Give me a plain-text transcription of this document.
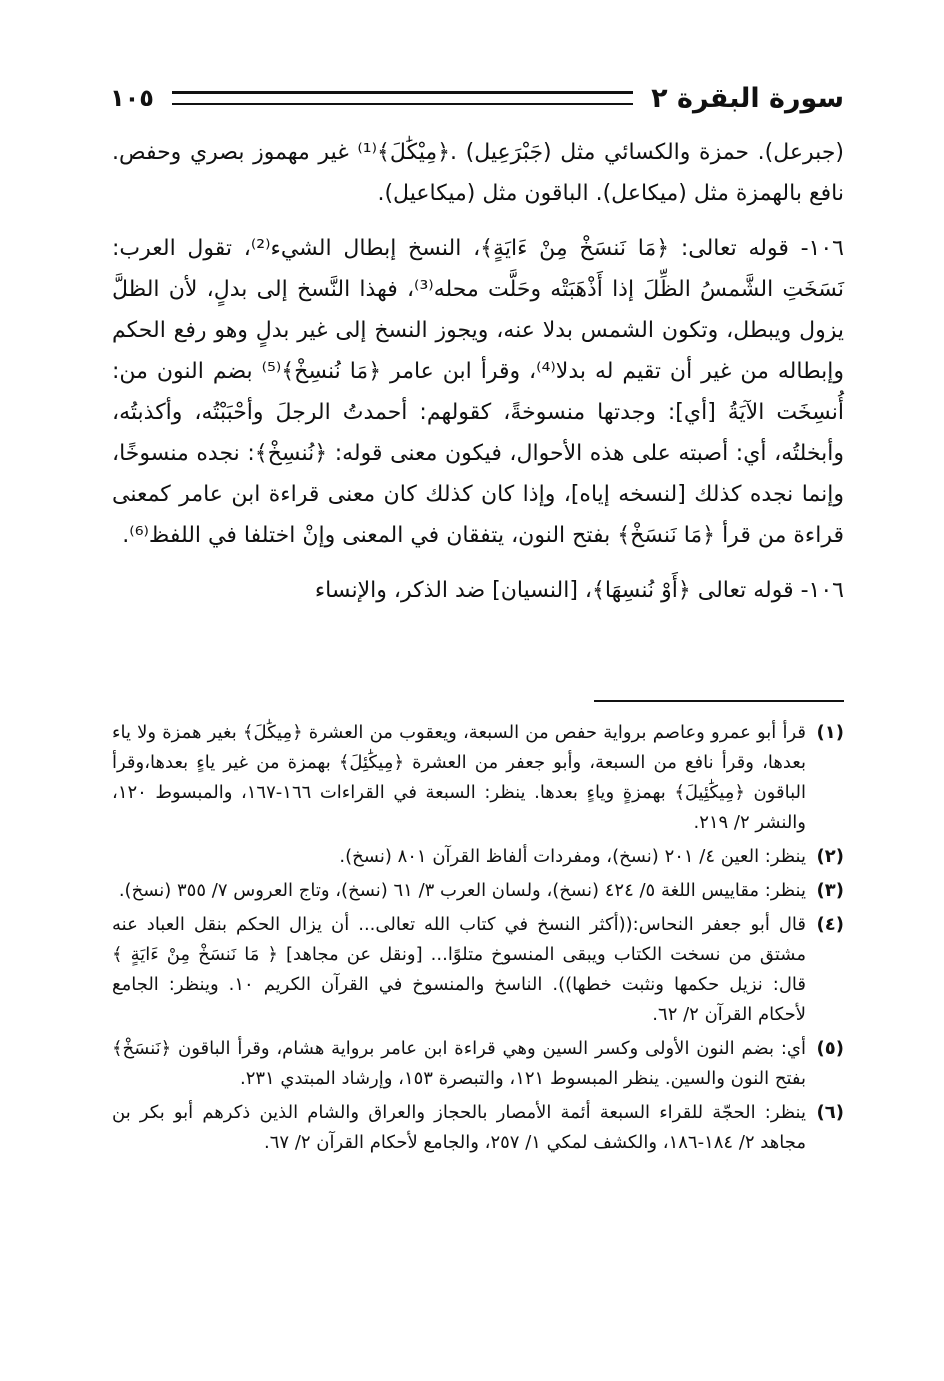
سورة البقرة ٢
١٠٥

(جبرعل). حمزة والكسائي مثل (جَبْرَعِيل) .﴿مِيْكَٰلَ﴾⁽¹⁾ غير مهموز بصري وحفص. نافع بالهمزة مثل (ميكاعل). الباقون مثل (ميكاعيل).

١٠٦- قوله تعالى: ﴿مَا نَنسَخْ مِنْ ءَايَةٍ﴾، النسخ إبطال الشيء⁽²⁾، تقول العرب: نَسَخَتِ الشَّمسُ الظِّلَ إذا أَذْهَبَتْه وحَلَّت محله⁽³⁾، فهذا النَّسخ إلى بدلٍ، لأن الظلَّ يزول ويبطل، وتكون الشمس بدلا عنه، ويجوز النسخ إلى غير بدلٍ وهو رفع الحكم وإبطاله من غير أن تقيم له بدلا⁽⁴⁾، وقرأ ابن عامر ﴿مَا نُنسِخْ﴾⁽⁵⁾ بضم النون من: أُنسِخَت الآيَةُ [أي]: وجدتها منسوخةً، كقولهم: أحمدتُ الرجلَ وأحْبَبْتُه، وأكذبتُه، وأبخلتُه، أي: أصبته على هذه الأحوال، فيكون معنى قوله: ﴿نُنسِخْ﴾: نجده منسوخًا، وإنما نجده كذلك [لنسخه إياه]، وإذا كان كذلك كان معنى قراءة ابن عامر كمعنى قراءة من قرأ ﴿مَا نَنسَخْ﴾ بفتح النون، يتفقان في المعنى وإنْ اختلفا في اللفظ⁽⁶⁾.

١٠٦- قوله تعالى ﴿أَوْ نُنسِهَا﴾، [النسيان] ضد الذكر، والإنساء

(١)
قرأ أبو عمرو وعاصم برواية حفص من السبعة، ويعقوب من العشرة ﴿مِيكَٰلَ﴾ بغير همزة ولا ياء بعدها، وقرأ نافع من السبعة، وأبو جعفر من العشرة ﴿مِيكَٰئِلَ﴾ بهمزة من غير ياءٍ بعدها،وقرأ الباقون ﴿مِيكَٰئِيلَ﴾ بهمزةٍ وياءٍ بعدها. ينظر: السبعة في القراءات ١٦٦-١٦٧، والمبسوط ١٢٠، والنشر ٢/ ٢١٩.
(٢)
ينظر: العين ٤/ ٢٠١ (نسخ)، ومفردات ألفاظ القرآن ٨٠١ (نسخ).
(٣)
ينظر: مقاييس اللغة ٥/ ٤٢٤ (نسخ)، ولسان العرب ٣/ ٦١ (نسخ)، وتاج العروس ٧/ ٣٥٥ (نسخ).
(٤)
قال أبو جعفر النحاس:((أكثر النسخ في كتاب الله تعالى... أن يزال الحكم بنقل العباد عنه مشتق من نسخت الكتاب ويبقى المنسوخ متلوًا... [ونقل عن مجاهد] ﴿ مَا نَنسَخْ مِنْ ءَايَةٍ ﴾ قال: نزيل حكمها ونثبت خطها)). الناسخ والمنسوخ في القرآن الكريم ١٠. وينظر: الجامع لأحكام القرآن ٢/ ٦٢.
(٥)
أي: بضم النون الأولى وكسر السين وهي قراءة ابن عامر برواية هشام، وقرأ الباقون ﴿نَنسَخْ﴾ بفتح النون والسين. ينظر المبسوط ١٢١، والتبصرة ١٥٣، وإرشاد المبتدي ٢٣١.
(٦)
ينظر: الحجّة للقراء السبعة أئمة الأمصار بالحجاز والعراق والشام الذين ذكرهم أبو بكر بن مجاهد ٢/ ١٨٤-١٨٦، والكشف لمكي ١/ ٢٥٧، والجامع لأحكام القرآن ٢/ ٦٧.
